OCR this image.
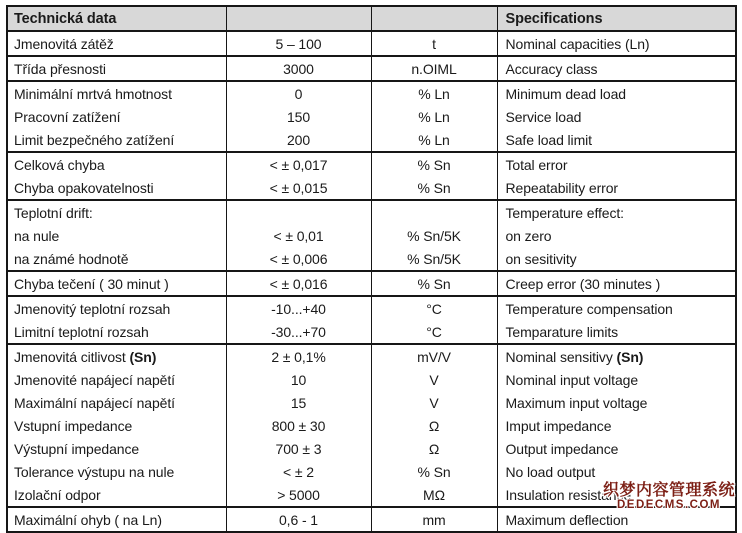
Technická data			Specifications
Jmenovitá zátěž	5 – 100	t	Nominal capacities (Ln)
Třída přesnosti	3000	n.OIML	Accuracy class
Minimální mrtvá hmotnost	0	% Ln	Minimum dead load
Pracovní zatížení	150	% Ln	Service load
Limit bezpečného zatížení	200	% Ln	Safe load limit
Celková chyba	< ± 0,017	% Sn	Total error
Chyba opakovatelnosti	< ± 0,015	% Sn	Repeatability error
Teplotní drift:			Temperature effect:
na nule	< ± 0,01	% Sn/5K	on zero
na známé hodnotě	< ± 0,006	% Sn/5K	on sesitivity
Chyba tečení ( 30 minut )	< ± 0,016	% Sn	Creep error (30 minutes )
Jmenovitý teplotní rozsah	-10...+40	°C	Temperature compensation
Limitní teplotní rozsah	-30...+70	°C	Temparature limits
Jmenovitá citlivost (Sn)	2 ± 0,1%	mV/V	Nominal sensitivy (Sn)
Jmenovité napájecí napětí	10	V	Nominal input voltage
Maximální napájecí napětí	15	V	Maximum input voltage
Vstupní impedance	800 ± 30	Ω	Imput impedance
Výstupní impedance	700 ± 3	Ω	Output impedance
Tolerance výstupu na nule	< ± 2	% Sn	No load output
Izolační odpor	> 5000	MΩ	Insulation resistance
Maximální ohyb ( na Ln)	0,6 - 1	mm	Maximum deflection
织梦内容管理系统
DEDECMS.COM
